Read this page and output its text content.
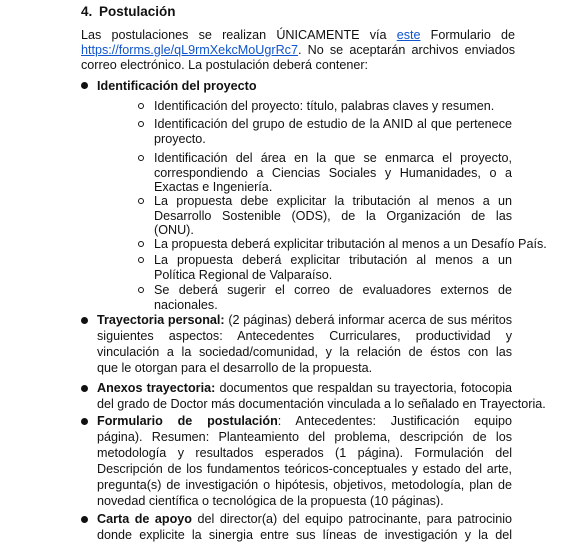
4. Postulación
Las postulaciones se realizan ÚNICAMENTE vía este Formulario de
https://forms.gle/qL9rmXekcMoUgrRc7. No se aceptarán archivos enviados
correo electrónico. La postulación deberá contener:
Identificación del proyecto
Identificación del proyecto: título, palabras claves y resumen.
Identificación del grupo de estudio de la ANID al que pertenece
proyecto.
Identificación del área en la que se enmarca el proyecto,
correspondiendo a Ciencias Sociales y Humanidades, o a
Exactas e Ingeniería.
La propuesta debe explicitar la tributación al menos a un
Desarrollo Sostenible (ODS), de la Organización de las
(ONU).
La propuesta deberá explicitar tributación al menos a un Desafío País.
La propuesta deberá explicitar tributación al menos a un
Política Regional de Valparaíso.
Se deberá sugerir el correo de evaluadores externos de
nacionales.
Trayectoria personal: (2 páginas) deberá informar acerca de sus méritos
siguientes aspectos: Antecedentes Curriculares, productividad y
vinculación a la sociedad/comunidad, y la relación de éstos con las
que le otorgan para el desarrollo de la propuesta.
Anexos trayectoria: documentos que respaldan su trayectoria, fotocopia
del grado de Doctor más documentación vinculada a lo señalado en Trayectoria.
Formulario de postulación: Antecedentes: Justificación equipo
página). Resumen: Planteamiento del problema, descripción de los
metodología y resultados esperados (1 página). Formulación del
Descripción de los fundamentos teóricos-conceptuales y estado del arte,
pregunta(s) de investigación o hipótesis, objetivos, metodología, plan de
novedad científica o tecnológica de la propuesta (10 páginas).
Carta de apoyo del director(a) del equipo patrocinante, para patrocinio
donde explicite la sinergia entre sus líneas de investigación y la del
